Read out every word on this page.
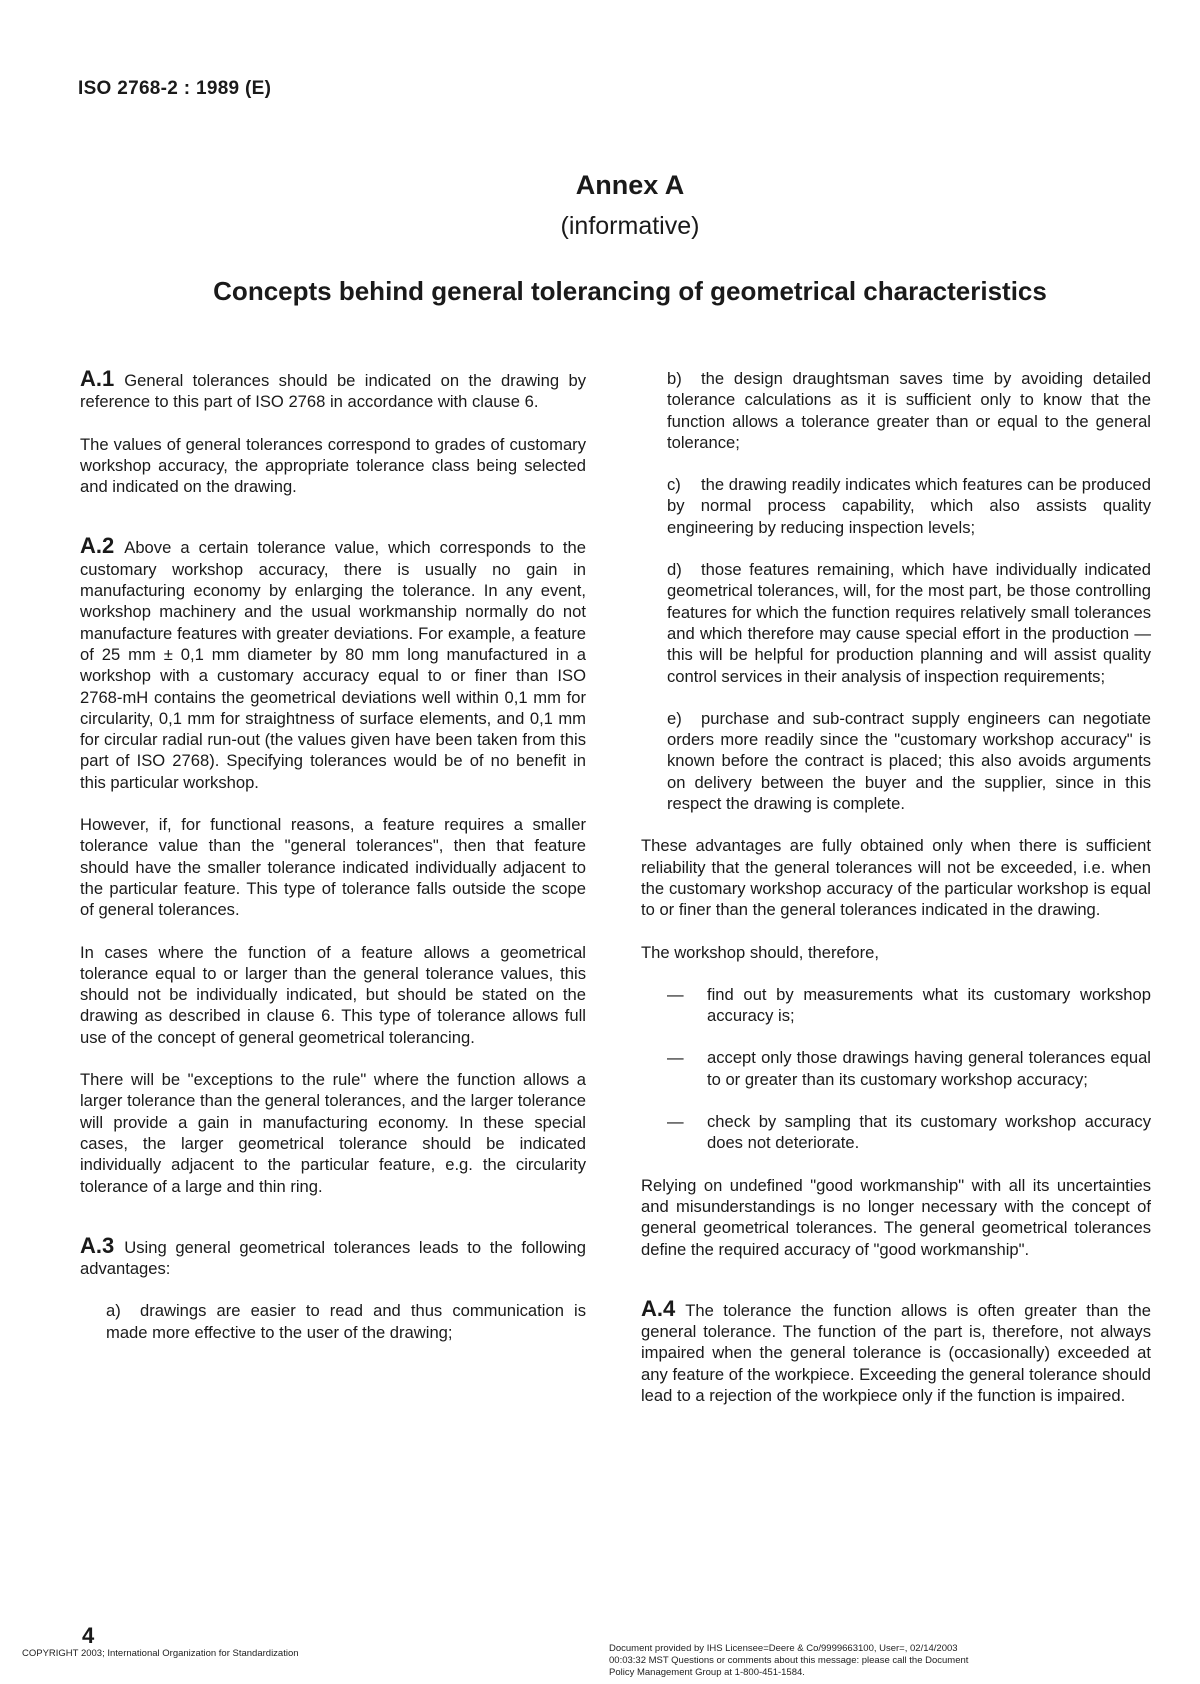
ISO 2768-2 : 1989 (E)
Annex A
(informative)
Concepts behind general tolerancing of geometrical characteristics

A.1 General tolerances should be indicated on the drawing by reference to this part of ISO 2768 in accordance with clause 6.

The values of general tolerances correspond to grades of customary workshop accuracy, the appropriate tolerance class being selected and indicated on the drawing.

A.2 Above a certain tolerance value, which corresponds to the customary workshop accuracy, there is usually no gain in manufacturing economy by enlarging the tolerance. In any event, workshop machinery and the usual workmanship normally do not manufacture features with greater deviations. For example, a feature of 25 mm ± 0,1 mm diameter by 80 mm long manufactured in a workshop with a customary accuracy equal to or finer than ISO 2768-mH contains the geometrical deviations well within 0,1 mm for circularity, 0,1 mm for straightness of surface elements, and 0,1 mm for circular radial run-out (the values given have been taken from this part of ISO 2768). Specifying tolerances would be of no benefit in this particular workshop.

However, if, for functional reasons, a feature requires a smaller tolerance value than the "general tolerances", then that feature should have the smaller tolerance indicated individually adjacent to the particular feature. This type of tolerance falls outside the scope of general tolerances.

In cases where the function of a feature allows a geometrical tolerance equal to or larger than the general tolerance values, this should not be individually indicated, but should be stated on the drawing as described in clause 6. This type of tolerance allows full use of the concept of general geometrical tolerancing.

There will be "exceptions to the rule" where the function allows a larger tolerance than the general tolerances, and the larger tolerance will provide a gain in manufacturing economy. In these special cases, the larger geometrical tolerance should be indicated individually adjacent to the particular feature, e.g. the circularity tolerance of a large and thin ring.

A.3 Using general geometrical tolerances leads to the following advantages:

a) drawings are easier to read and thus communication is made more effective to the user of the drawing;

b) the design draughtsman saves time by avoiding detailed tolerance calculations as it is sufficient only to know that the function allows a tolerance greater than or equal to the general tolerance;

c) the drawing readily indicates which features can be produced by normal process capability, which also assists quality engineering by reducing inspection levels;

d) those features remaining, which have individually indicated geometrical tolerances, will, for the most part, be those controlling features for which the function requires relatively small tolerances and which therefore may cause special effort in the production — this will be helpful for production planning and will assist quality control services in their analysis of inspection requirements;

e) purchase and sub-contract supply engineers can negotiate orders more readily since the "customary workshop accuracy" is known before the contract is placed; this also avoids arguments on delivery between the buyer and the supplier, since in this respect the drawing is complete.

These advantages are fully obtained only when there is sufficient reliability that the general tolerances will not be exceeded, i.e. when the customary workshop accuracy of the particular workshop is equal to or finer than the general tolerances indicated in the drawing.

The workshop should, therefore,

— find out by measurements what its customary workshop accuracy is;

— accept only those drawings having general tolerances equal to or greater than its customary workshop accuracy;

— check by sampling that its customary workshop accuracy does not deteriorate.

Relying on undefined "good workmanship" with all its uncertainties and misunderstandings is no longer necessary with the concept of general geometrical tolerances. The general geometrical tolerances define the required accuracy of "good workmanship".

A.4 The tolerance the function allows is often greater than the general tolerance. The function of the part is, therefore, not always impaired when the general tolerance is (occasionally) exceeded at any feature of the workpiece. Exceeding the general tolerance should lead to a rejection of the workpiece only if the function is impaired.

4
COPYRIGHT 2003; International Organization for Standardization	Document provided by IHS Licensee=Deere & Co/9999663100, User=, 02/14/2003
00:03:32 MST Questions or comments about this message: please call the Document
Policy Management Group at 1-800-451-1584.
